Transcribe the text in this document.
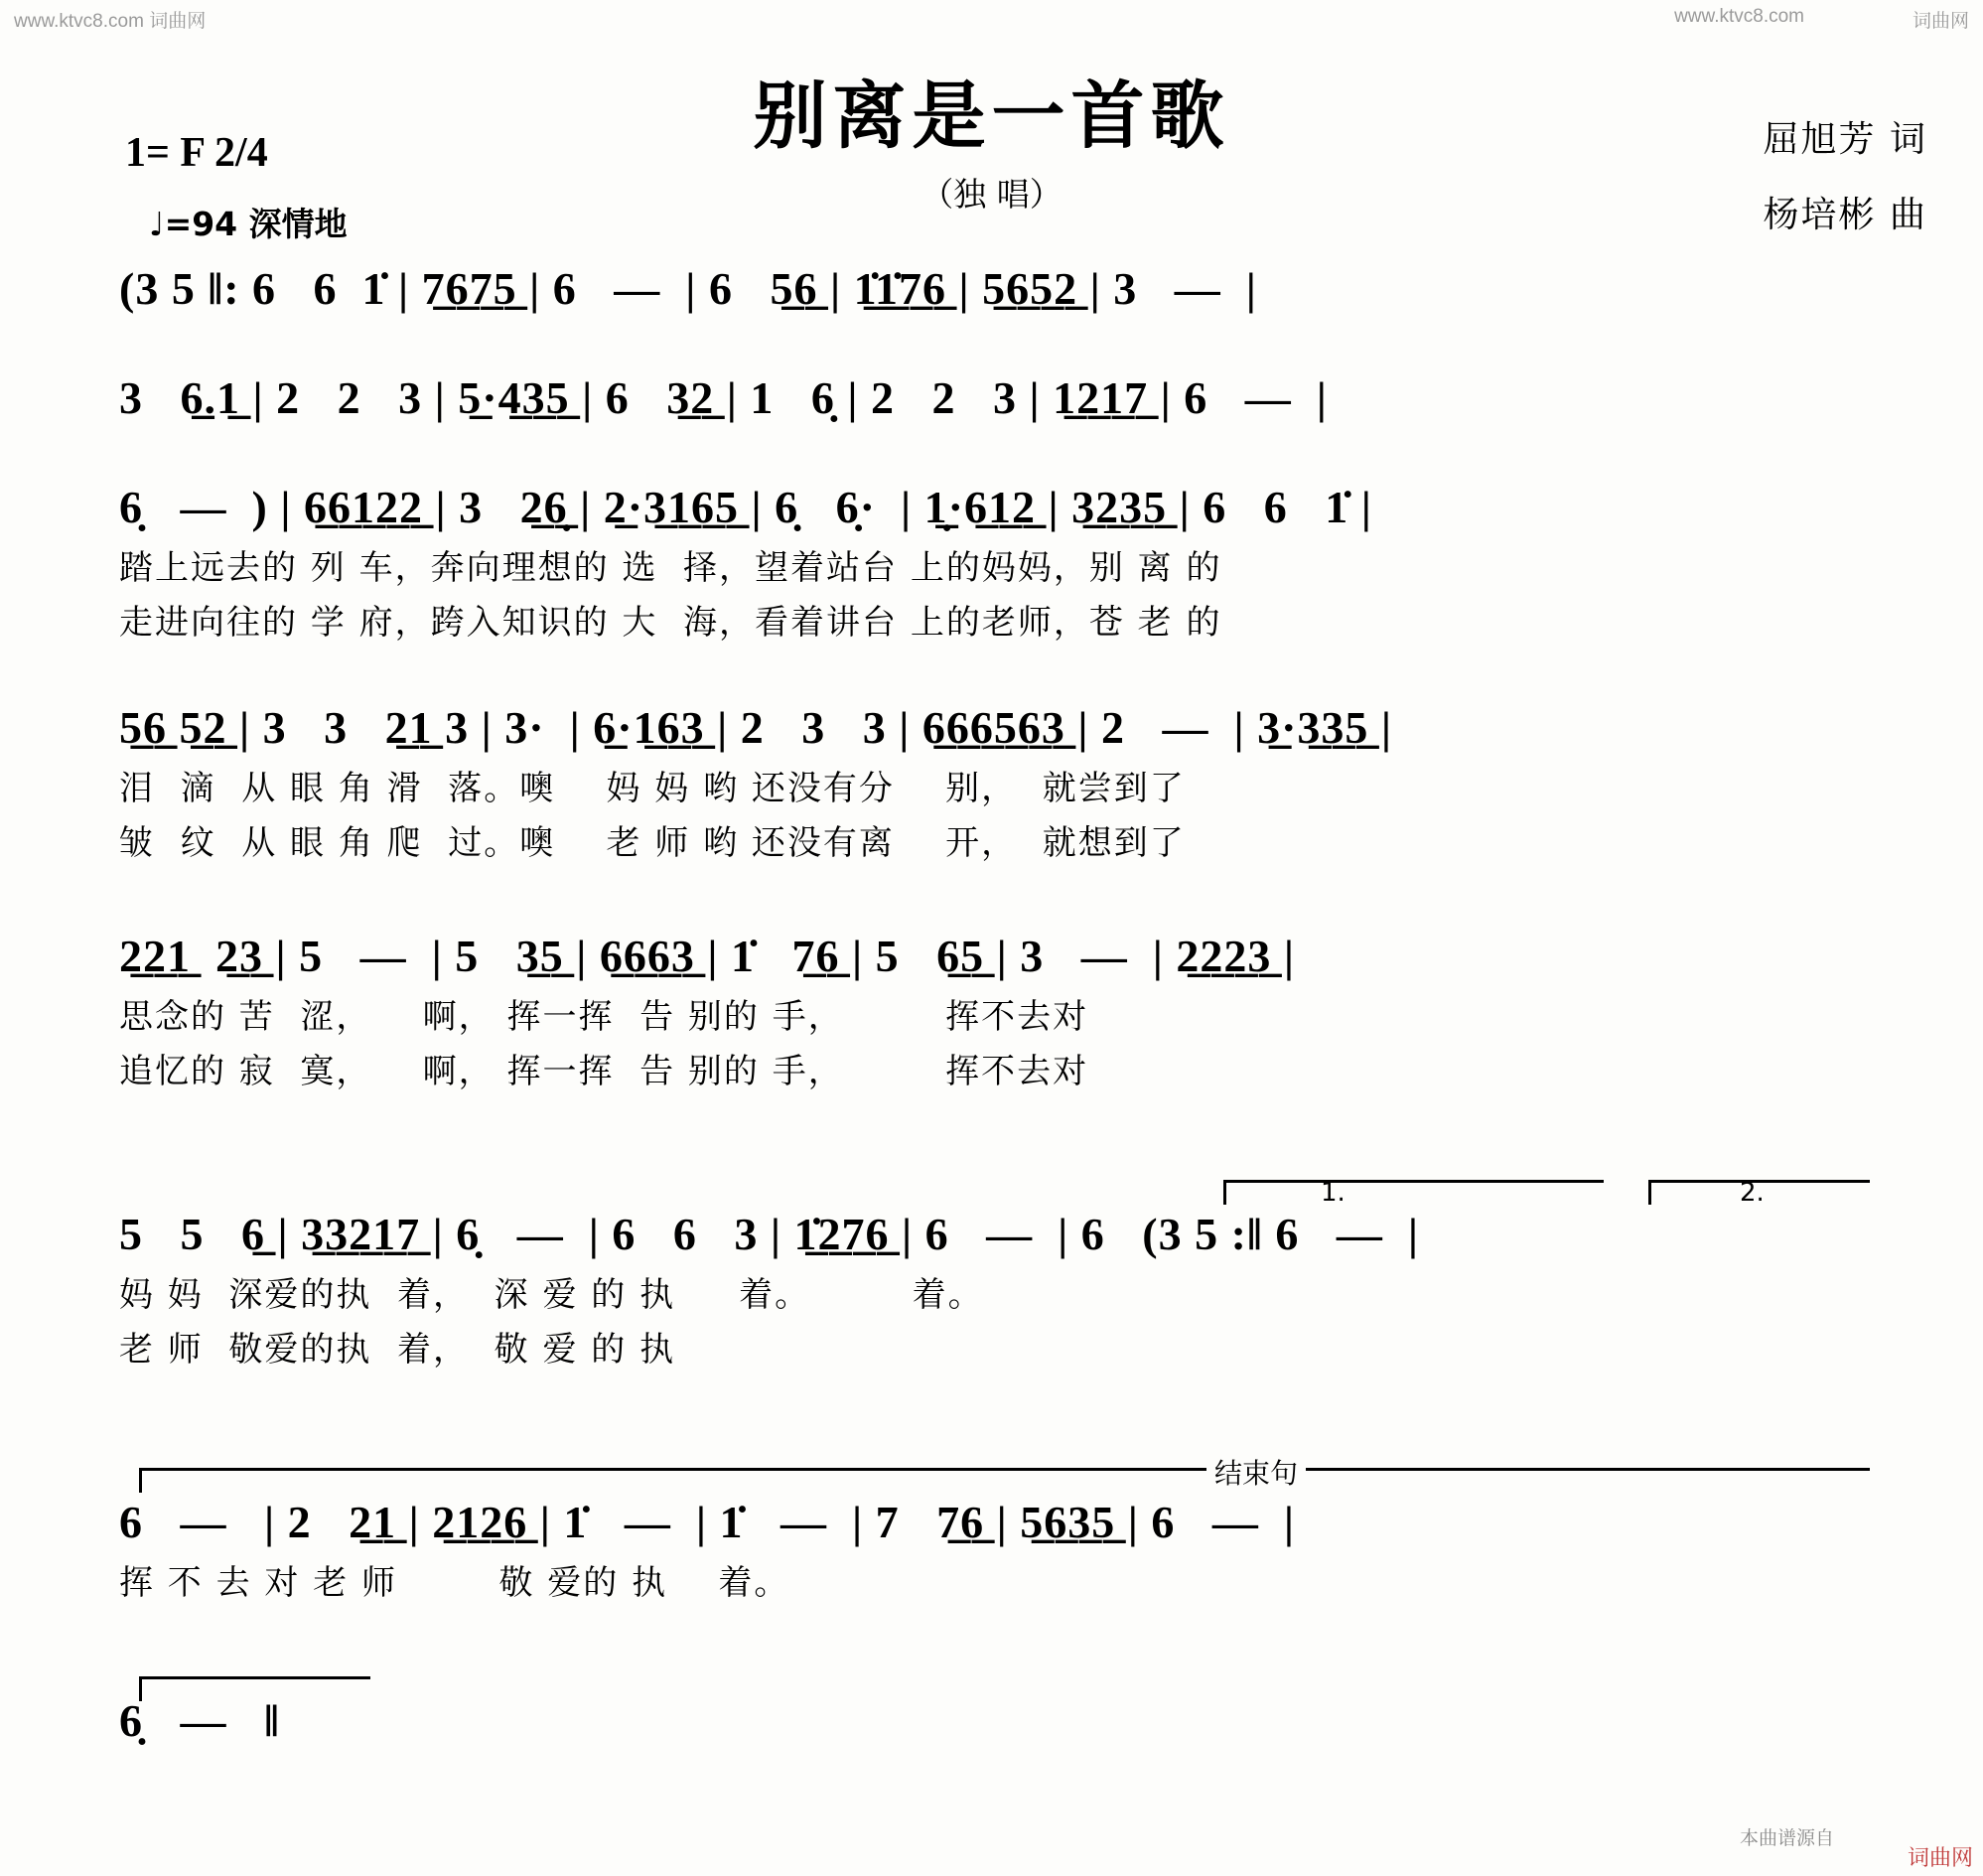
www.ktvc8.com 词曲网	www.ktvc8.com	词曲网
本曲谱源自
词曲网
别离是一首歌
（独 唱）
屈旭芳 词
杨培彬 曲
1= F 2/4
♩=94 深情地
(3 5 ‖: 6   6  1̇ | 7̲6̲7̲5̲ | 6   —  | 6   5̲6̲ | 1̲̇1̲̇7̲6̲ | 5̲6̲5̲2̲ | 3   —  |
3   6̲.1̲ | 2   2   3 | 5̲·4̲3̲5̲ | 6   3̲2̲ | 1   6̣ | 2   2   3 | 1̲2̲1̲7̲ | 6   —  |
6̣   —  ) | 6̲6̲1̲2̲2̲ | 3   2̲6̣̲ | 2̲·3̲1̲6̲5̲ | 6̣   6̣·  | 1̣̲·6̲1̲2̲ | 3̲2̲3̲5̲ | 6   6   1̇ |
踏上远去的 列 车，奔向理想的 选  择，望着站台 上的妈妈，别 离 的
走进向往的 学 府，跨入知识的 大  海，看着讲台 上的老师，苍 老 的
5̲6̲ 5̲2̲ | 3   3   2̲1̲ 3 | 3·  | 6̲·1̲6̲3̲ | 2   3   3 | 6̲6̲6̲5̲6̲3̲ | 2   —  | 3̲·3̲3̲5̲ |
泪  滴  从 眼 角 滑  落。噢    妈 妈 哟 还没有分    别，  就尝到了
皱  纹  从 眼 角 爬  过。噢    老 师 哟 还没有离    开，  就想到了
2̲2̲1̲  2̲3̲ | 5   —  | 5   3̲5̲ | 6̲6̲6̲3̲ | 1̇   7̲6̲ | 5   6̲5̲ | 3   —  | 2̲2̲2̲3̲ |
思念的 苦  涩，    啊， 挥一挥  告 别的 手，        挥不去对
追忆的 寂  寞，    啊， 挥一挥  告 别的 手，        挥不去对
1.	2.
5   5   6̲ | 3̲3̲2̲1̲7̲ | 6̣   —  | 6   6   3 | 1̲̇2̲7̲6̲ | 6   —  | 6   (3 5 :‖ 6   —  |
妈 妈  深爱的执  着，  深 爱 的 执     着。        着。
老 师  敬爱的执  着，  敬 爱 的 执
结束句
6   —   | 2   2̲1̲ | 2̲1̲2̲6̲ | 1̇   —  | 1̇   —  | 7   7̲6̲ | 5̲6̲3̲5̲ | 6   —  |
挥 不 去 对 老 师        敬 爱的 执    着。
6̣   —   ‖
